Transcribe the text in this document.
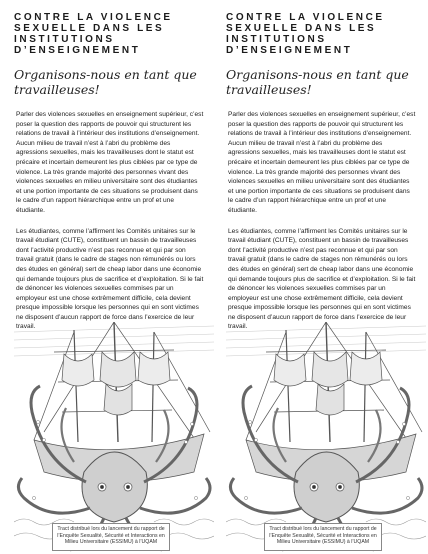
CONTRE LA VIOLENCE SEXUELLE DANS LES INSTITUTIONS D’ENSEIGNEMENT
Organisons-nous en tant que travailleuses!

Parler des violences sexuelles en enseignement supérieur, c’est poser la question des rapports de pouvoir qui structurent les relations de travail à l’intérieur des institutions d’enseignement. Aucun milieu de travail n’est à l’abri du problème des agressions sexuelles, mais les travailleuses dont le statut est précaire et incertain demeurent les plus ciblées par ce type de violence. La très grande majorité des personnes vivant des violences sexuelles en milieu universitaire sont des étudiantes et une portion importante de ces situations se produisent dans le cadre d’un rapport hiérarchique entre un prof et une étudiante.

Les étudiantes, comme l’affirment les Comités unitaires sur le travail étudiant (CUTE), constituent un bassin de travailleuses dont l’activité productive n’est pas reconnue et qui par son travail gratuit (dans le cadre de stages non rémunérés ou lors des études en général) sert de cheap labor dans une économie qui demande toujours plus de sacrifice et d’exploitation. Si le fait de dénoncer les violences sexuelles commises par un employeur est une chose extrêmement difficile, cela devient presque impossible lorsque les personnes qui en sont victimes ne disposent d’aucun rapport de force dans l’exercice de leur travail.

Tract distribué lors du lancement du rapport de l’Enquête Sexualité, Sécurité et Interactions en Milieu Universitaire (ESSIMU) à l’UQAM
CONTRE LA VIOLENCE SEXUELLE DANS LES INSTITUTIONS D’ENSEIGNEMENT
Organisons-nous en tant que travailleuses!

Parler des violences sexuelles en enseignement supérieur, c’est poser la question des rapports de pouvoir qui structurent les relations de travail à l’intérieur des institutions d’enseignement. Aucun milieu de travail n’est à l’abri du problème des agressions sexuelles, mais les travailleuses dont le statut est précaire et incertain demeurent les plus ciblées par ce type de violence. La très grande majorité des personnes vivant des violences sexuelles en milieu universitaire sont des étudiantes et une portion importante de ces situations se produisent dans le cadre d’un rapport hiérarchique entre un prof et une étudiante.

Les étudiantes, comme l’affirment les Comités unitaires sur le travail étudiant (CUTE), constituent un bassin de travailleuses dont l’activité productive n’est pas reconnue et qui par son travail gratuit (dans le cadre de stages non rémunérés ou lors des études en général) sert de cheap labor dans une économie qui demande toujours plus de sacrifice et d’exploitation. Si le fait de dénoncer les violences sexuelles commises par un employeur est une chose extrêmement difficile, cela devient presque impossible lorsque les personnes qui en sont victimes ne disposent d’aucun rapport de force dans l’exercice de leur travail.

Tract distribué lors du lancement du rapport de l’Enquête Sexualité, Sécurité et Interactions en Milieu Universitaire (ESSIMU) à l’UQAM
